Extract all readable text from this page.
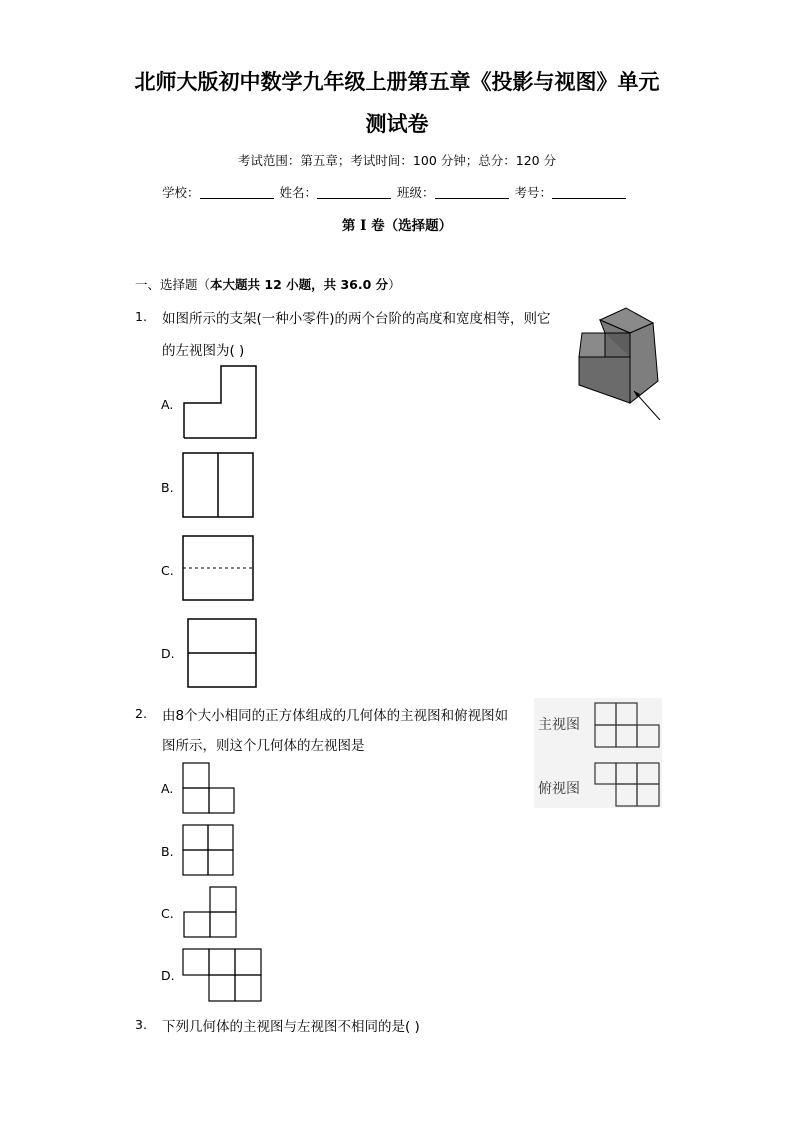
北师大版初中数学九年级上册第五章《投影与视图》单元
测试卷
考试范围：第五章；考试时间：100 分钟；总分：120 分
学校：	姓名：	班级：	考号：
第 I 卷（选择题）
一、选择题（本大题共 12 小题，共 36.0 分）
1. 如图所示的支架(一种小零件)的两个台阶的高度和宽度相等，则它
的左视图为( )
A.
B.
C.
D.
2. 由8个大小相同的正方体组成的几何体的主视图和俯视图如
图所示，则这个几何体的左视图是
主视图
俯视图
A.
B.
C.
D.
3. 下列几何体的主视图与左视图不相同的是( )
